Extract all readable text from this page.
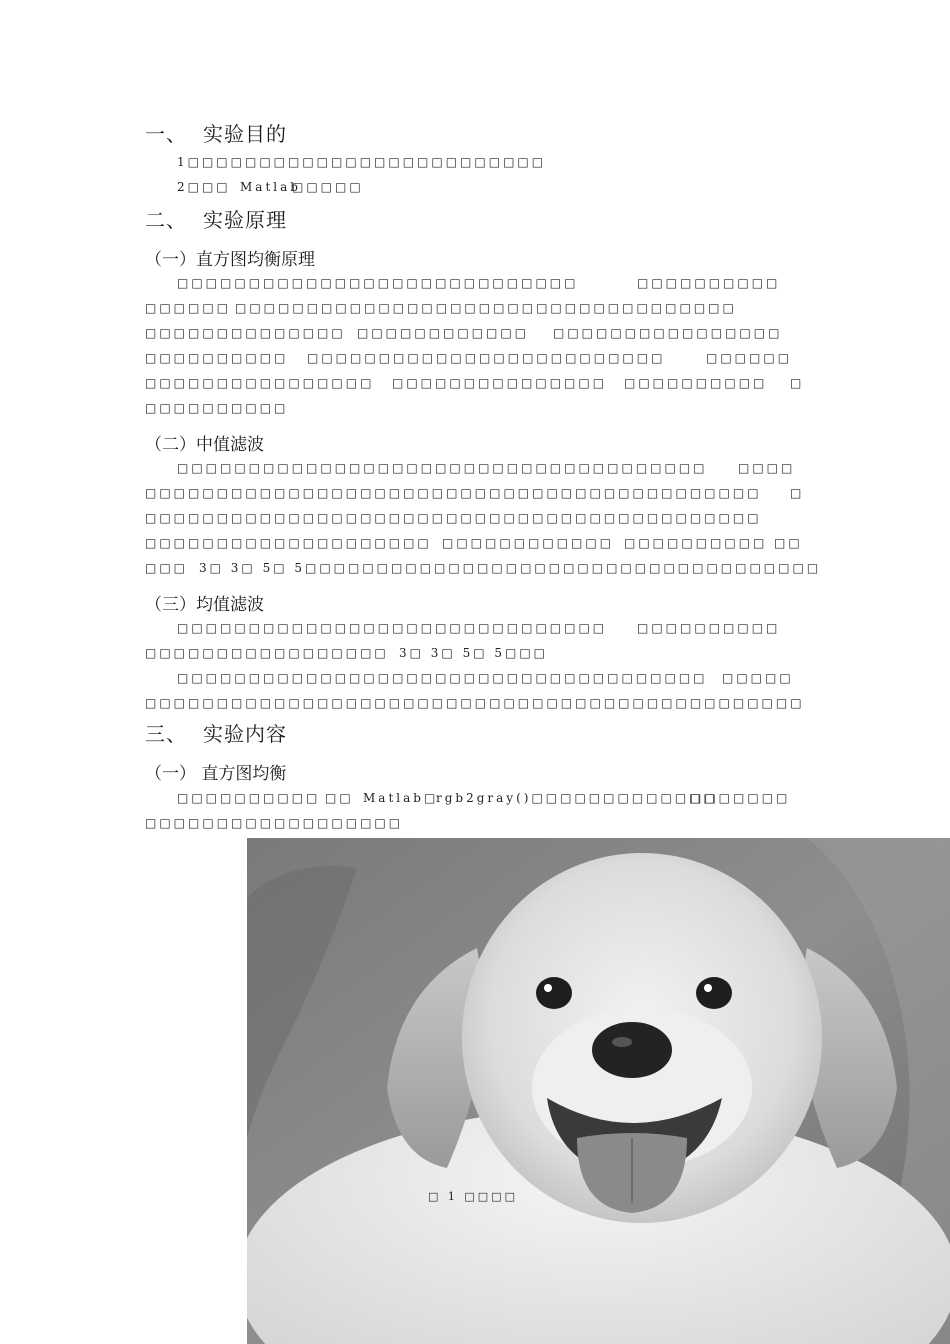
一、 实验目的
1□□□□□□□□□□□□□□□□□□□□□□□□□
2□□□ Matlab
□□□□□
二、 实验原理
（一）直方图均衡原理
□□□□□□□□□□□□□□□□□□□□□□□□□□□□	□□□□□□□□□□
□□□□□□ □□□□□□□□□□□□□□□□□□□□□□□□□□□□□□□□□□□
□□□□□□□□□□□□□□ □□□□□□□□□□□□ □□□□□□□□□□□□□□□□
□□□□□□□□□□ □□□□□□□□□□□□□□□□□□□□□□□□□	□□□□□□
□□□□□□□□□□□□□□□□ □□□□□□□□□□□□□□□ □□□□□□□□□□ □
□□□□□□□□□□
（二）中值滤波
□□□□□□□□□□□□□□□□□□□□□□□□□□□□□□□□□□□□□	□□□□
□□□□□□□□□□□□□□□□□□□□□□□□□□□□□□□□□□□□□□□□□□□ □
□□□□□□□□□□□□□□□□□□□□□□□□□□□□□□□□□□□□□□□□□□□
□□□□□□□□□□□□□□□□□□□□ □□□□□□□□□□□□ □□□□□□□□□□ □□
□□□ 3□ 3□ 5□ 5□□□□□□□□□□□□□□□□□□□□□□□□□□□□□□□□□□□□
（三）均值滤波
□□□□□□□□□□□□□□□□□□□□□□□□□□□□□□ □□□□□□□□□□
□□□□□□□□□□□□□□□□□ 3□ 3□ 5□ 5□□□
□□□□□□□□□□□□□□□□□□□□□□□□□□□□□□□□□□□□□ □□□□□
□□□□□□□□□□□□□□□□□□□□□□□□□□□□□□□□□□□□□□□□□□□□□□
三、 实验内容
（一） 直方图均衡
□□□□□□□□□□ □□ Matlab□
rgb2gray()□□□□□□□□□□□□□
□□□□□□□
□□□□□□□□□□□□□□□□□□
□ 1 □□□□
